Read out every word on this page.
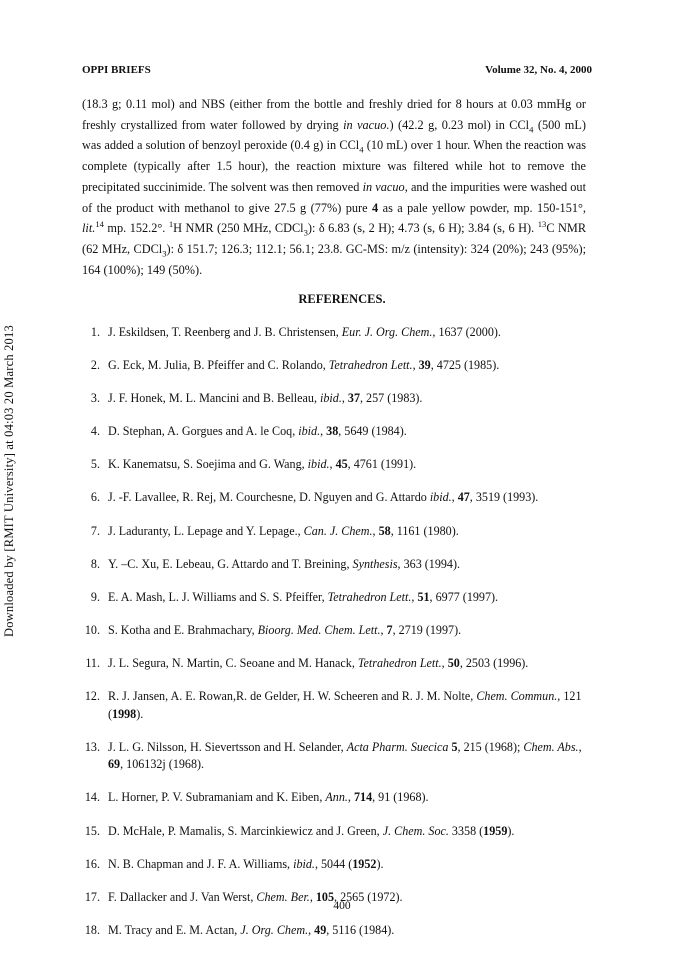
Downloaded by [RMIT University] at 04:03 20 March 2013
OPPI BRIEFS	Volume 32, No. 4, 2000
(18.3 g; 0.11 mol) and NBS (either from the bottle and freshly dried for 8 hours at 0.03 mmHg or freshly crystallized from water followed by drying in vacuo.) (42.2 g, 0.23 mol) in CCl$_4$ (500 mL) was added a solution of benzoyl peroxide (0.4 g) in CCl$_4$ (10 mL) over 1 hour. When the reaction was complete (typically after 1.5 hour), the reaction mixture was filtered while hot to remove the precipitated succinimide. The solvent was then removed in vacuo, and the impurities were washed out of the product with methanol to give 27.5 g (77%) pure 4 as a pale yellow powder, mp. 150-151°, lit.$^{14}$ mp. 152.2°. $^1$H NMR (250 MHz, CDCl$_3$): δ 6.83 (s, 2 H); 4.73 (s, 6 H); 3.84 (s, 6 H). $^{13}$C NMR (62 MHz, CDCl$_3$): δ 151.7; 126.3; 112.1; 56.1; 23.8. GC-MS: m/z (intensity): 324 (20%); 243 (95%); 164 (100%); 149 (50%).
REFERENCES.
1. J. Eskildsen, T. Reenberg and J. B. Christensen, Eur. J. Org. Chem., 1637 (2000).
2. G. Eck, M. Julia, B. Pfeiffer and C. Rolando, Tetrahedron Lett., 39, 4725 (1985).
3. J. F. Honek, M. L. Mancini and B. Belleau, ibid., 37, 257 (1983).
4. D. Stephan, A. Gorgues and A. le Coq, ibid., 38, 5649 (1984).
5. K. Kanematsu, S. Soejima and G. Wang, ibid., 45, 4761 (1991).
6. J. -F. Lavallee, R. Rej, M. Courchesne, D. Nguyen and G. Attardo ibid., 47, 3519 (1993).
7. J. Laduranty, L. Lepage and Y. Lepage., Can. J. Chem., 58, 1161 (1980).
8. Y. –C. Xu, E. Lebeau, G. Attardo and T. Breining, Synthesis, 363 (1994).
9. E. A. Mash, L. J. Williams and S. S. Pfeiffer, Tetrahedron Lett., 51, 6977 (1997).
10. S. Kotha and E. Brahmachary, Bioorg. Med. Chem. Lett., 7, 2719 (1997).
11. J. L. Segura, N. Martin, C. Seoane and M. Hanack, Tetrahedron Lett., 50, 2503 (1996).
12. R. J. Jansen, A. E. Rowan,R. de Gelder, H. W. Scheeren and R. J. M. Nolte, Chem. Commun., 121 (1998).
13. J. L. G. Nilsson, H. Sievertsson and H. Selander, Acta Pharm. Suecica 5, 215 (1968); Chem. Abs., 69, 106132j (1968).
14. L. Horner, P. V. Subramaniam and K. Eiben, Ann., 714, 91 (1968).
15. D. McHale, P. Mamalis, S. Marcinkiewicz and J. Green, J. Chem. Soc. 3358 (1959).
16. N. B. Chapman and J. F. A. Williams, ibid., 5044 (1952).
17. F. Dallacker and J. Van Werst, Chem. Ber., 105, 2565 (1972).
18. M. Tracy and E. M. Actan, J. Org. Chem., 49, 5116 (1984).
400
